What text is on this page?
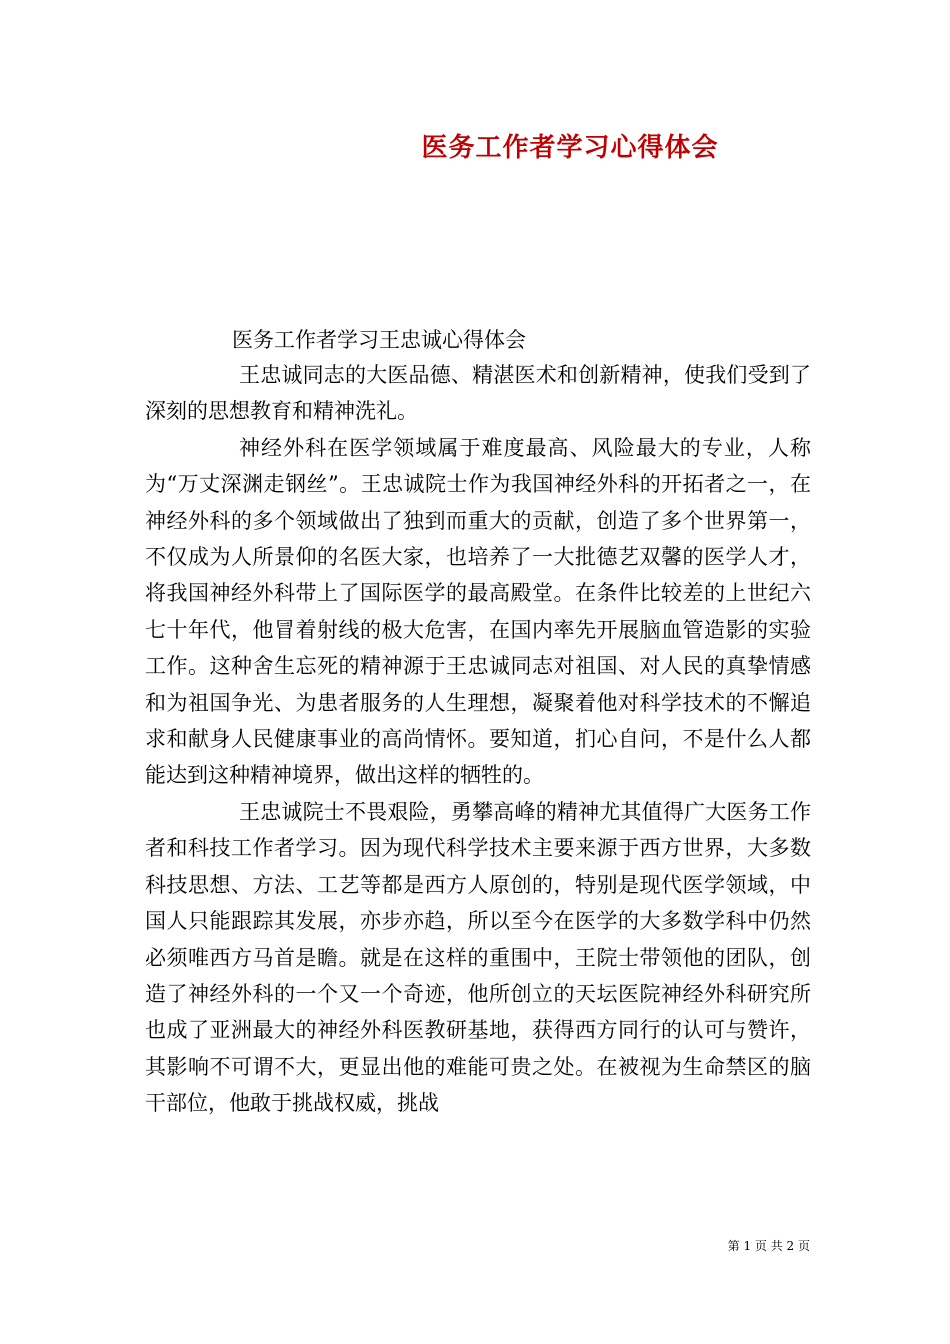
医务工作者学习心得体会
医务工作者学习王忠诚心得体会

王忠诚同志的大医品德、精湛医术和创新精神，使我们受到了深刻的思想教育和精神洗礼。

神经外科在医学领域属于难度最高、风险最大的专业，人称为“万丈深渊走钢丝”。王忠诚院士作为我国神经外科的开拓者之一，在神经外科的多个领域做出了独到而重大的贡献，创造了多个世界第一，不仅成为人所景仰的名医大家，也培养了一大批德艺双馨的医学人才，将我国神经外科带上了国际医学的最高殿堂。在条件比较差的上世纪六七十年代，他冒着射线的极大危害，在国内率先开展脑血管造影的实验工作。这种舍生忘死的精神源于王忠诚同志对祖国、对人民的真挚情感和为祖国争光、为患者服务的人生理想，凝聚着他对科学技术的不懈追求和献身人民健康事业的高尚情怀。要知道，扪心自问，不是什么人都能达到这种精神境界，做出这样的牺牲的。

王忠诚院士不畏艰险，勇攀高峰的精神尤其值得广大医务工作者和科技工作者学习。因为现代科学技术主要来源于西方世界，大多数科技思想、方法、工艺等都是西方人原创的，特别是现代医学领域，中国人只能跟踪其发展，亦步亦趋，所以至今在医学的大多数学科中仍然必须唯西方马首是瞻。就是在这样的重围中，王院士带领他的团队，创造了神经外科的一个又一个奇迹，他所创立的天坛医院神经外科研究所也成了亚洲最大的神经外科医教研基地，获得西方同行的认可与赞许，其影响不可谓不大，更显出他的难能可贵之处。在被视为生命禁区的脑干部位，他敢于挑战权威，挑战

第 1 页 共 2 页
